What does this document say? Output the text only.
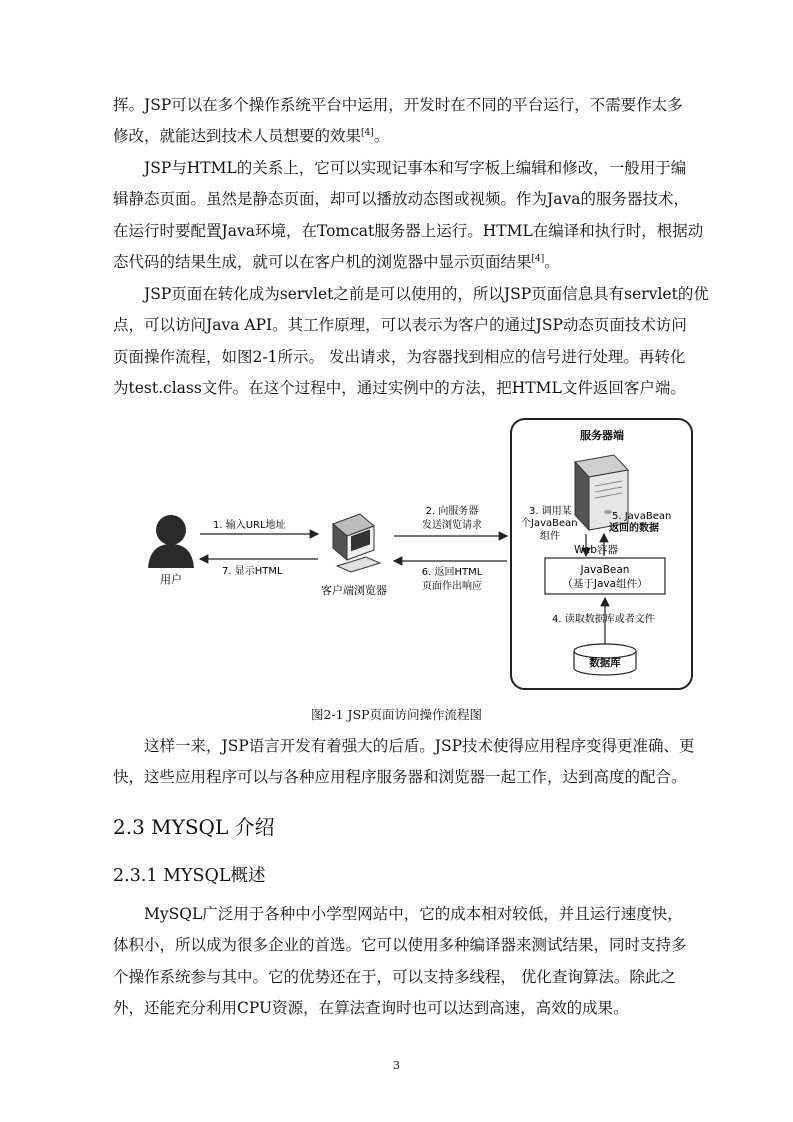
挥。JSP可以在多个操作系统平台中运用，开发时在不同的平台运行，不需要作太多
修改，就能达到技术人员想要的效果[4]。

JSP与HTML的关系上，它可以实现记事本和写字板上编辑和修改，一般用于编
辑静态页面。虽然是静态页面，却可以播放动态图或视频。作为Java的服务器技术，
在运行时要配置Java环境，在Tomcat服务器上运行。HTML在编译和执行时，根据动
态代码的结果生成，就可以在客户机的浏览器中显示页面结果[4]。

JSP页面在转化成为servlet之前是可以使用的，所以JSP页面信息具有servlet的优
点，可以访问Java API。其工作原理，可以表示为客户的通过JSP动态页面技术访问
页面操作流程，如图2-1所示。 发出请求，为容器找到相应的信号进行处理。再转化
为test.class文件。在这个过程中，通过实例中的方法，把HTML文件返回客户端。

服务器端
3. 调用某
个JavaBean
组件
5. JavaBean
返回的数据
Web容器
JavaBean
（基于Java组件）
4. 读取数据库或者文件
数据库
用户
1. 输入URL地址
7. 显示HTML
客户端浏览器
2. 向服务器
发送浏览请求
6. 返回HTML
页面作出响应
图2-1 JSP页面访问操作流程图

这样一来，JSP语言开发有着强大的后盾。JSP技术使得应用程序变得更准确、更
快，这些应用程序可以与各种应用程序服务器和浏览器一起工作，达到高度的配合。

2.3 MYSQL 介绍
2.3.1 MYSQL概述

MySQL广泛用于各种中小学型网站中，它的成本相对较低，并且运行速度快，
体积小，所以成为很多企业的首选。它可以使用多种编译器来测试结果，同时支持多
个操作系统参与其中。它的优势还在于，可以支持多线程， 优化查询算法。除此之
外，还能充分利用CPU资源，在算法查询时也可以达到高速，高效的成果。

3
